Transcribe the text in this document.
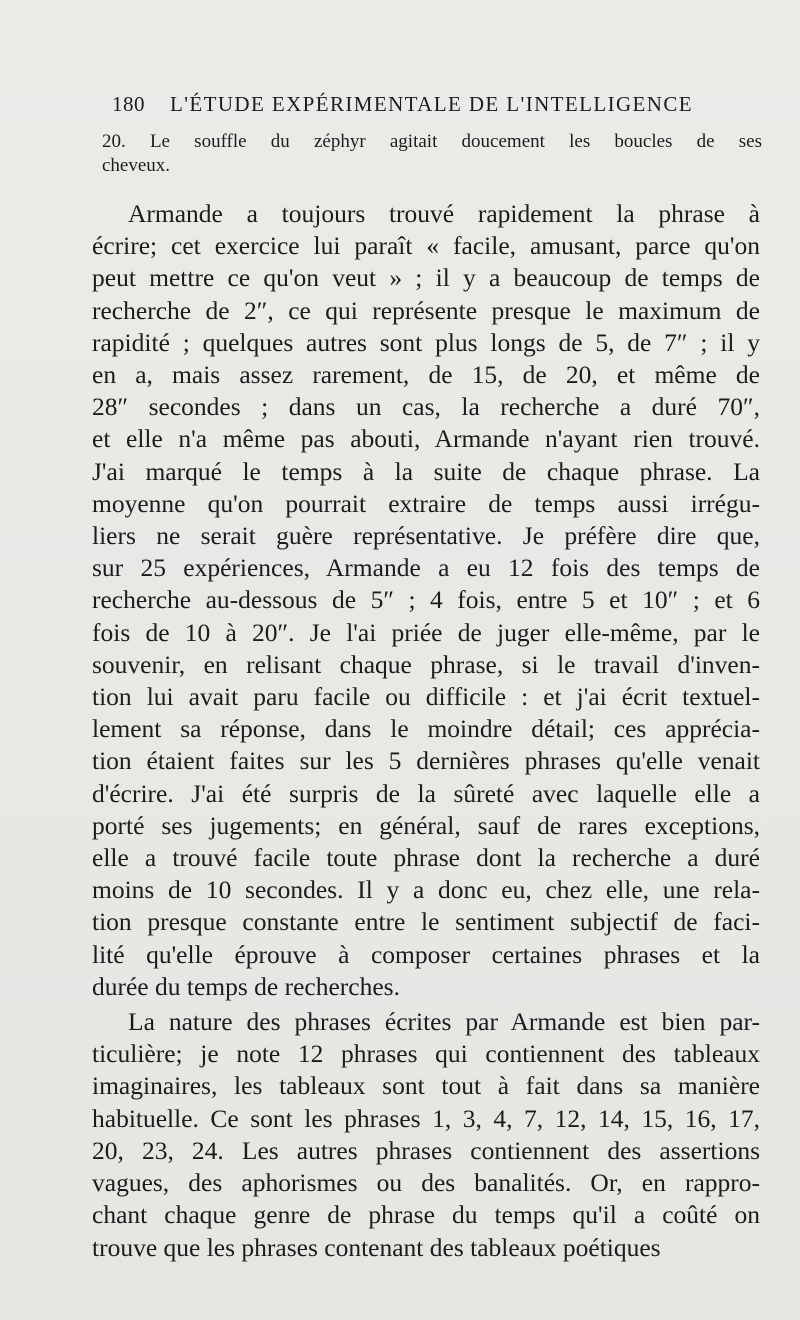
180 L'ÉTUDE EXPÉRIMENTALE DE L'INTELLIGENCE
20. Le souffle du zéphyr agitait doucement les boucles de ses
cheveux.
Armande a toujours trouvé rapidement la phrase à
écrire; cet exercice lui paraît « facile, amusant, parce qu'on
peut mettre ce qu'on veut » ; il y a beaucoup de temps de
recherche de 2″, ce qui représente presque le maximum de
rapidité ; quelques autres sont plus longs de 5, de 7″ ; il y
en a, mais assez rarement, de 15, de 20, et même de
28″ secondes ; dans un cas, la recherche a duré 70″,
et elle n'a même pas abouti, Armande n'ayant rien trouvé.
J'ai marqué le temps à la suite de chaque phrase. La
moyenne qu'on pourrait extraire de temps aussi irrégu-
liers ne serait guère représentative. Je préfère dire que,
sur 25 expériences, Armande a eu 12 fois des temps de
recherche au-dessous de 5″ ; 4 fois, entre 5 et 10″ ; et 6
fois de 10 à 20″. Je l'ai priée de juger elle-même, par le
souvenir, en relisant chaque phrase, si le travail d'inven-
tion lui avait paru facile ou difficile : et j'ai écrit textuel-
lement sa réponse, dans le moindre détail; ces apprécia-
tion étaient faites sur les 5 dernières phrases qu'elle venait
d'écrire. J'ai été surpris de la sûreté avec laquelle elle a
porté ses jugements; en général, sauf de rares exceptions,
elle a trouvé facile toute phrase dont la recherche a duré
moins de 10 secondes. Il y a donc eu, chez elle, une rela-
tion presque constante entre le sentiment subjectif de faci-
lité qu'elle éprouve à composer certaines phrases et la
durée du temps de recherches.
La nature des phrases écrites par Armande est bien par-
ticulière; je note 12 phrases qui contiennent des tableaux
imaginaires, les tableaux sont tout à fait dans sa manière
habituelle. Ce sont les phrases 1, 3, 4, 7, 12, 14, 15, 16, 17,
20, 23, 24. Les autres phrases contiennent des assertions
vagues, des aphorismes ou des banalités. Or, en rappro-
chant chaque genre de phrase du temps qu'il a coûté on
trouve que les phrases contenant des tableaux poétiques
